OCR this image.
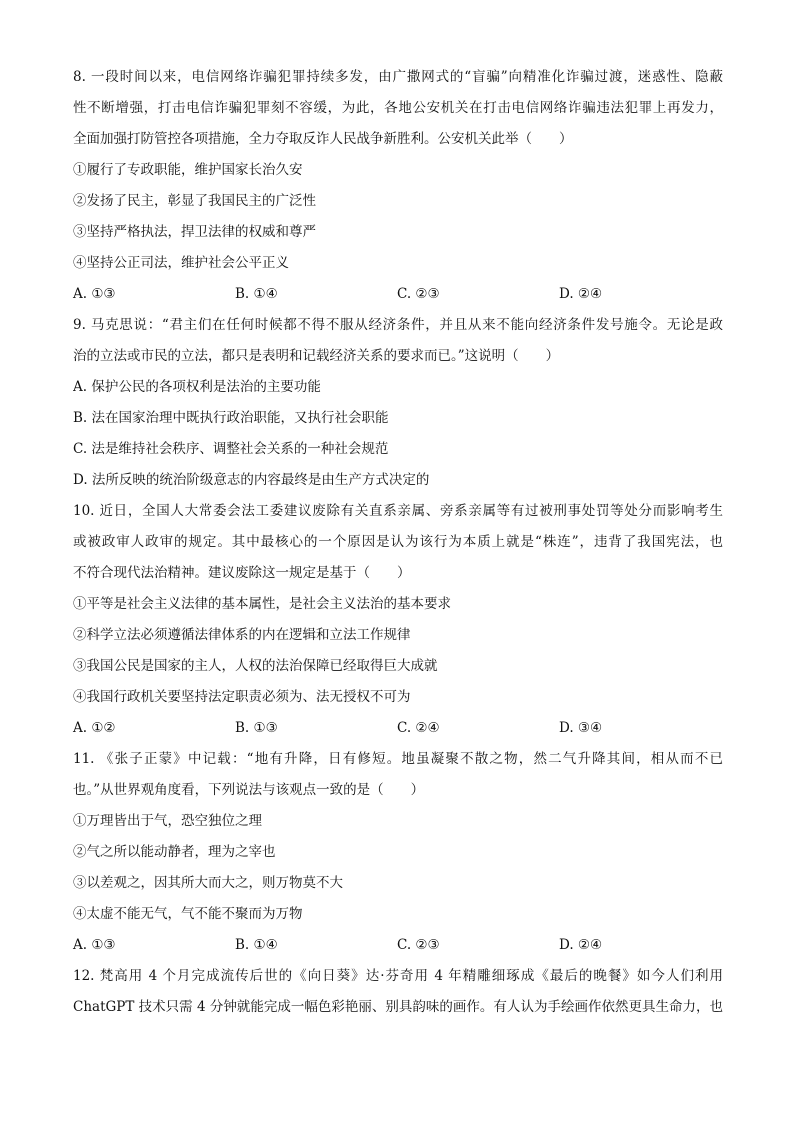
8. 一段时间以来，电信网络诈骗犯罪持续多发，由广撒网式的“盲骗”向精准化诈骗过渡，迷惑性、隐蔽
性不断增强，打击电信诈骗犯罪刻不容缓，为此，各地公安机关在打击电信网络诈骗违法犯罪上再发力，
全面加强打防管控各项措施，全力夺取反诈人民战争新胜利。公安机关此举（　　）
①履行了专政职能，维护国家长治久安
②发扬了民主，彰显了我国民主的广泛性
③坚持严格执法，捍卫法律的权威和尊严
④坚持公正司法，维护社会公平正义
A. ①③	B. ①④	C. ②③	D. ②④
9. 马克思说：“君主们在任何时候都不得不服从经济条件，并且从来不能向经济条件发号施令。无论是政
治的立法或市民的立法，都只是表明和记载经济关系的要求而已。”这说明（　　）
A. 保护公民的各项权利是法治的主要功能
B. 法在国家治理中既执行政治职能，又执行社会职能
C. 法是维持社会秩序、调整社会关系的一种社会规范
D. 法所反映的统治阶级意志的内容最终是由生产方式决定的
10. 近日，全国人大常委会法工委建议废除有关直系亲属、旁系亲属等有过被刑事处罚等处分而影响考生
或被政审人政审的规定。其中最核心的一个原因是认为该行为本质上就是“株连”，违背了我国宪法，也
不符合现代法治精神。建议废除这一规定是基于（　　）
①平等是社会主义法律的基本属性，是社会主义法治的基本要求
②科学立法必须遵循法律体系的内在逻辑和立法工作规律
③我国公民是国家的主人，人权的法治保障已经取得巨大成就
④我国行政机关要坚持法定职责必须为、法无授权不可为
A. ①②	B. ①③	C. ②④	D. ③④
11. 《张子正蒙》中记载：“地有升降，日有修短。地虽凝聚不散之物，然二气升降其间，相从而不已
也。”从世界观角度看，下列说法与该观点一致的是（　　）
①万理皆出于气，恐空独位之理
②气之所以能动静者，理为之宰也
③以差观之，因其所大而大之，则万物莫不大
④太虚不能无气，气不能不聚而为万物
A. ①③	B. ①④	C. ②③	D. ②④
12. 梵高用 4 个月完成流传后世的《向日葵》达·芬奇用 4 年精雕细琢成《最后的晚餐》如今人们利用
ChatGPT 技术只需 4 分钟就能完成一幅色彩艳丽、别具韵味的画作。有人认为手绘画作依然更具生命力，也
